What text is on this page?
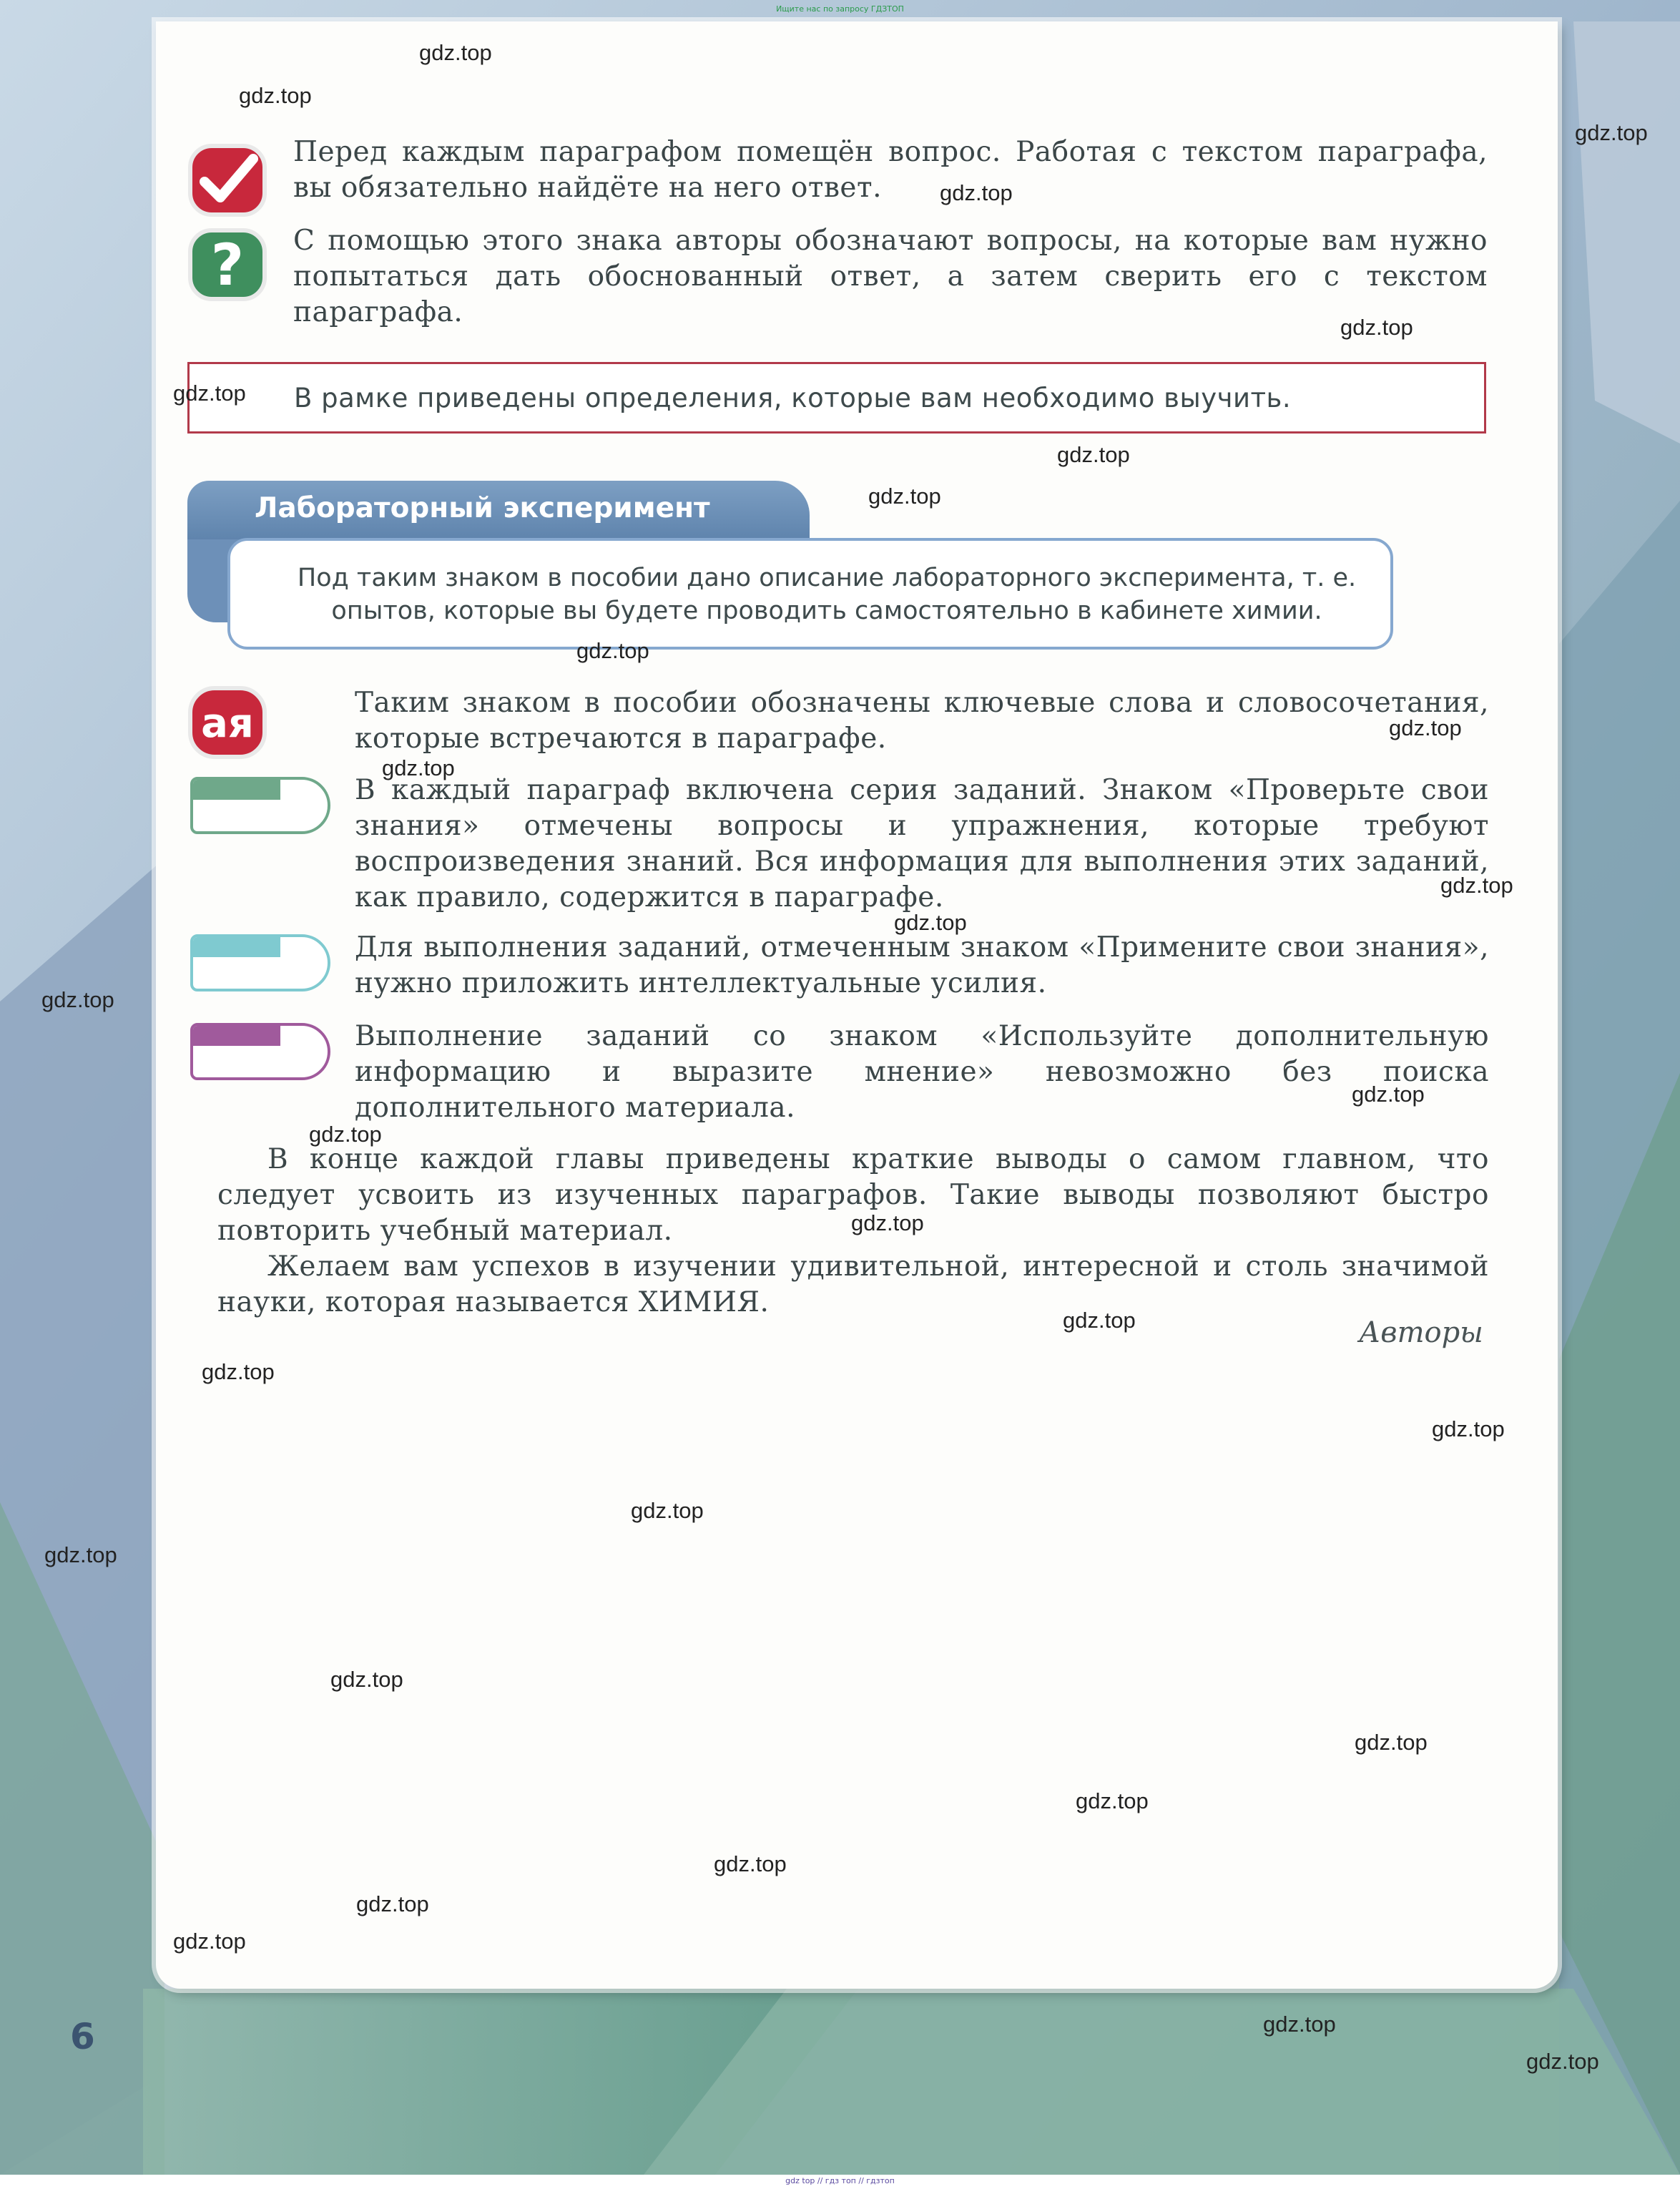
Ищите нас по запросу ГДЗТОП
Перед каждым параграфом помещён вопрос. Работая с текстом параграфа, вы обязательно найдёте на него ответ.
? С помощью этого знака авторы обозначают вопросы, на которые вам нужно попытаться дать обоснованный ответ, а затем сверить его с текстом параграфа.
В рамке приведены определения, которые вам необходимо выучить.
Лабораторный эксперимент
Под таким знаком в пособии дано описание лабораторного эксперимента, т. е. опытов, которые вы будете проводить самостоятельно в кабинете химии.
ая	Таким знаком в пособии обозначены ключевые слова и словосочетания, которые встречаются в параграфе.
В каждый параграф включена серия заданий. Знаком «Проверьте свои знания» отмечены вопросы и упражнения, которые требуют воспроизведения знаний. Вся информация для выполнения этих заданий, как правило, содержится в параграфе.
Для выполнения заданий, отмеченным знаком «Примените свои знания», нужно приложить интеллектуальные усилия.
Выполнение заданий со знаком «Используйте дополнительную информацию и выразите мнение» невозможно без поиска дополнительного материала.
В конце каждой главы приведены краткие выводы о самом главном, что следует усвоить из изученных параграфов. Такие выводы позволяют быстро повторить учебный материал.
Желаем вам успехов в изучении удивительной, интересной и столь значимой науки, которая называется ХИМИЯ.
Авторы
6
gdz top // гдз топ // гдзтоп
gdz.top
gdz.top
gdz.top
gdz.top
gdz.top
gdz.top
gdz.top
gdz.top
gdz.top
gdz.top
gdz.top
gdz.top
gdz.top
gdz.top
gdz.top
gdz.top
gdz.top
gdz.top
gdz.top
gdz.top
gdz.top
gdz.top
gdz.top
gdz.top
gdz.top
gdz.top
gdz.top
gdz.top
gdz.top
gdz.top
